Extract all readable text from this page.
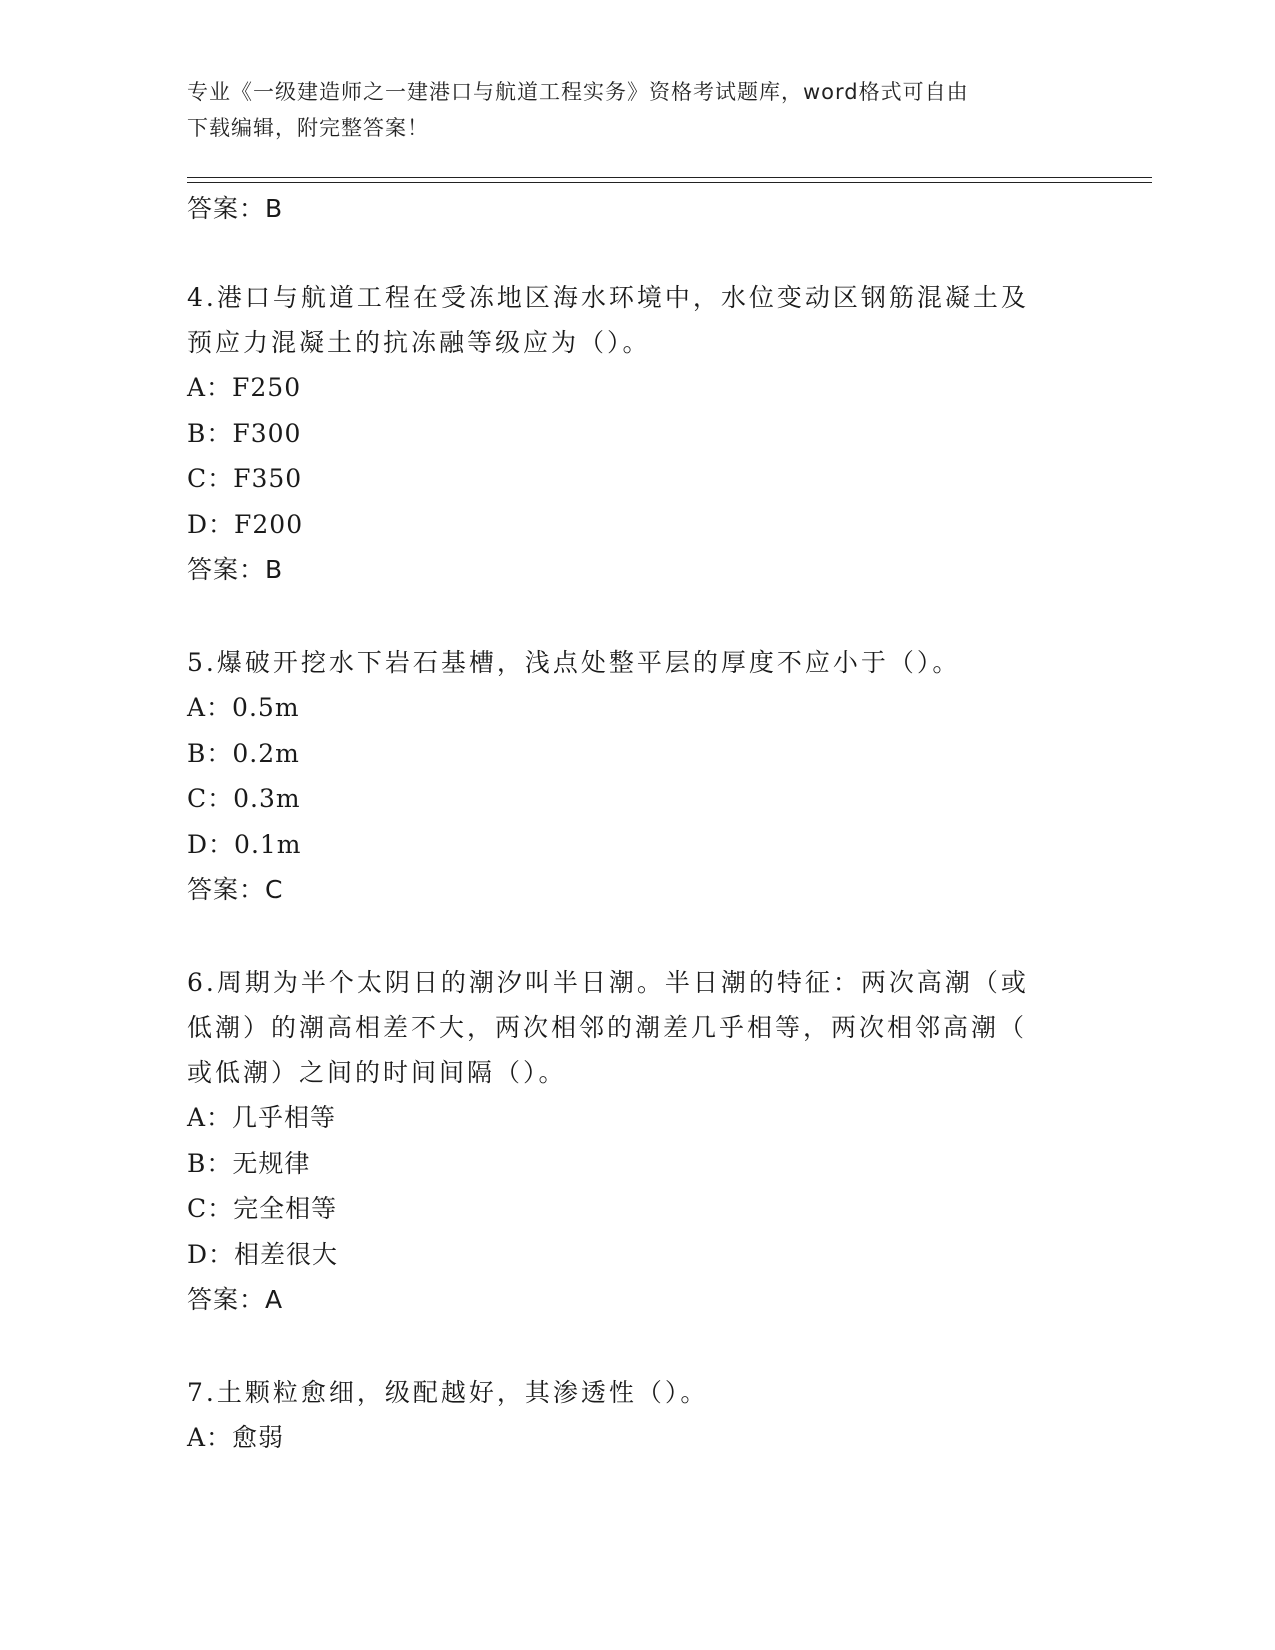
专业《一级建造师之一建港口与航道工程实务》资格考试题库，word格式可自由
下载编辑，附完整答案！
答案：B
4.港口与航道工程在受冻地区海水环境中，水位变动区钢筋混凝土及
预应力混凝土的抗冻融等级应为（）。
A：F250
B：F300
C：F350
D：F200
答案：B
5.爆破开挖水下岩石基槽，浅点处整平层的厚度不应小于（）。
A：0.5m
B：0.2m
C：0.3m
D：0.1m
答案：C
6.周期为半个太阴日的潮汐叫半日潮。半日潮的特征：两次高潮（或
低潮）的潮高相差不大，两次相邻的潮差几乎相等，两次相邻高潮（
或低潮）之间的时间间隔（）。
A：几乎相等
B：无规律
C：完全相等
D：相差很大
答案：A
7.土颗粒愈细，级配越好，其渗透性（）。
A：愈弱
